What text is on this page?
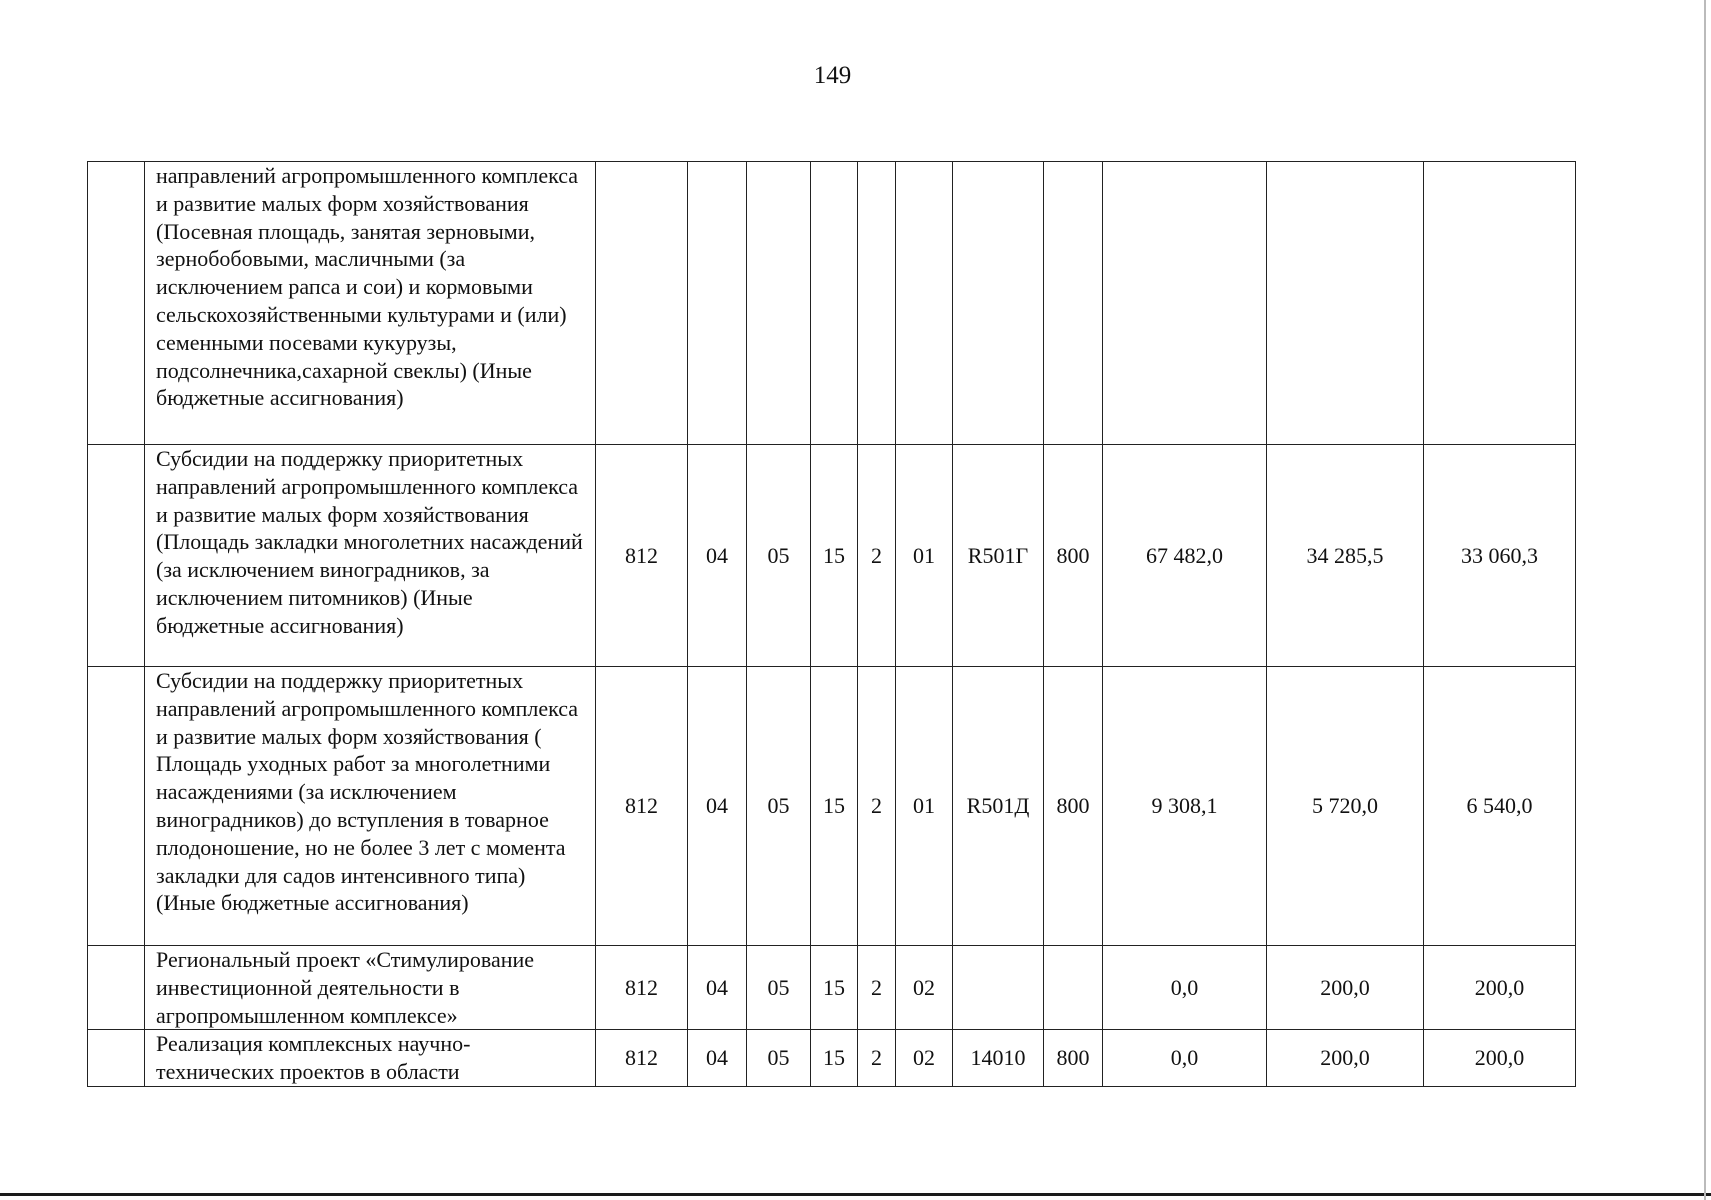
149
	направлений агропромышленного комплекса и развитие малых форм хозяйствования (Посевная площадь, занятая зерновыми, зернобобовыми, масличными (за исключением рапса и сои) и кормовыми сельскохозяйственными культурами и (или) семенными посевами кукурузы, подсолнечника,сахарной свеклы) (Иные бюджетные ассигнования)											
	Субсидии на поддержку приоритетных направлений агропромышленного комплекса и развитие малых форм хозяйствования (Площадь закладки многолетних насаждений (за исключением виноградников, за исключением питомников) (Иные бюджетные ассигнования)	812	04	05	15	2	01	R501Г	800	67 482,0	34 285,5	33 060,3
	Субсидии на поддержку приоритетных направлений агропромышленного комплекса и развитие малых форм хозяйствования ( Площадь уходных работ за многолетними насаждениями (за исключением виноградников) до вступления в товарное плодоношение, но не более 3 лет с момента закладки для садов интенсивного типа) (Иные бюджетные ассигнования)	812	04	05	15	2	01	R501Д	800	9 308,1	5 720,0	6 540,0
	Региональный проект «Стимулирование инвестиционной деятельности в агропромышленном комплексе»	812	04	05	15	2	02			0,0	200,0	200,0
	Реализация комплексных научно-технических проектов в области	812	04	05	15	2	02	14010	800	0,0	200,0	200,0
